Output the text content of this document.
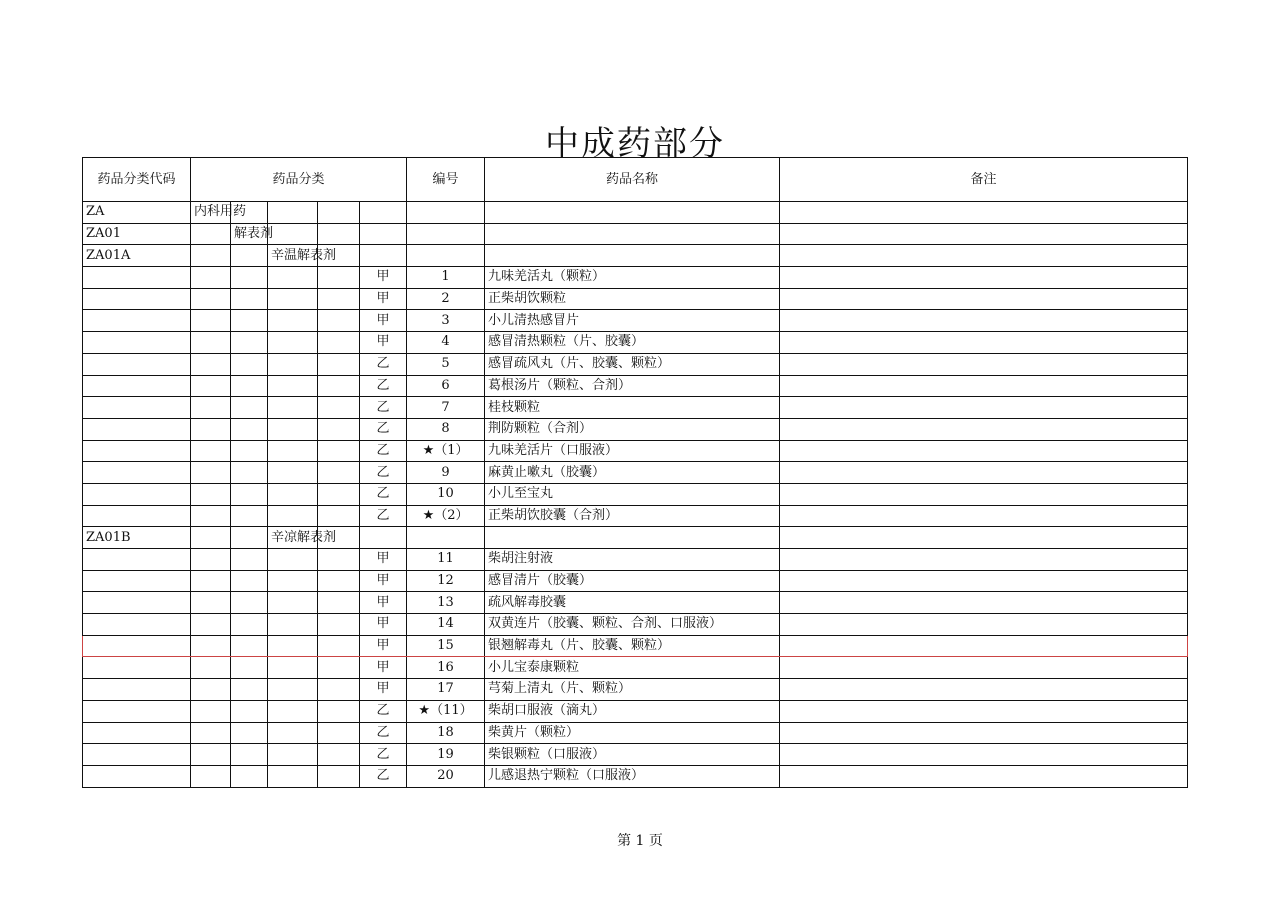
中成药部分
药品分类代码	药品分类					编号	药品名称	备注
ZA	内科用药							
ZA01		解表剂						
ZA01A			辛温解表剂					
					甲	1	九味羌活丸（颗粒）	
					甲	2	正柴胡饮颗粒	
					甲	3	小儿清热感冒片	
					甲	4	感冒清热颗粒（片、胶囊）	
					乙	5	感冒疏风丸（片、胶囊、颗粒）	
					乙	6	葛根汤片（颗粒、合剂）	
					乙	7	桂枝颗粒	
					乙	8	荆防颗粒（合剂）	
					乙	★（1）	九味羌活片（口服液）	
					乙	9	麻黄止嗽丸（胶囊）	
					乙	10	小儿至宝丸	
					乙	★（2）	正柴胡饮胶囊（合剂）	
ZA01B			辛凉解表剂					
					甲	11	柴胡注射液	
					甲	12	感冒清片（胶囊）	
					甲	13	疏风解毒胶囊	
					甲	14	双黄连片（胶囊、颗粒、合剂、口服液）	
					甲	15	银翘解毒丸（片、胶囊、颗粒）	
					甲	16	小儿宝泰康颗粒	
					甲	17	芎菊上清丸（片、颗粒）	
					乙	★（11）	柴胡口服液（滴丸）	
					乙	18	柴黄片（颗粒）	
					乙	19	柴银颗粒（口服液）	
					乙	20	儿感退热宁颗粒（口服液）	
第 1 页
